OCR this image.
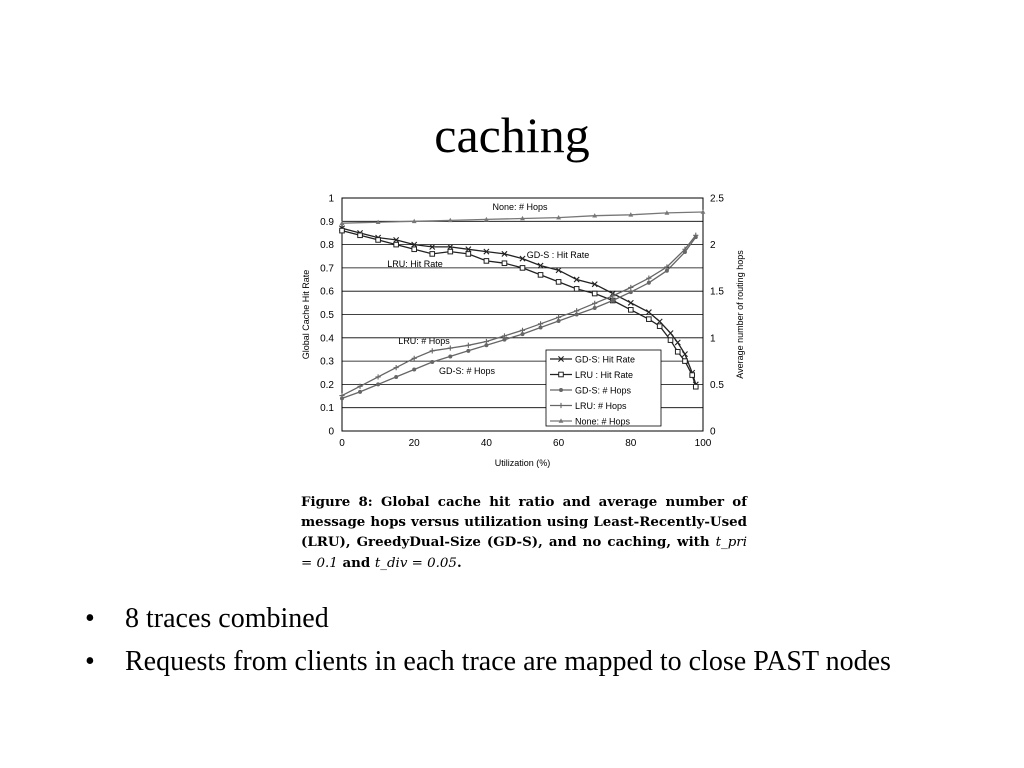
caching
0
0.1
0.2
0.3
0.4
0.5
0.6
0.7
0.8
0.9
1
0
0.5
1
1.5
2
2.5
0	20	40	60	80	100
Utilization (%)
Global Cache Hit Rate	Average number of routing hops
None: # Hops
GD-S : Hit Rate
LRU: Hit Rate
LRU: # Hops
GD-S: # Hops
GD-S: Hit Rate
LRU : Hit Rate
GD-S: # Hops
LRU: # Hops
None: # Hops
Figure 8: Global cache hit ratio and average number of message hops versus utilization using Least-Recently-Used (LRU), GreedyDual-Size (GD-S), and no caching, with t_pri = 0.1 and t_div = 0.05.
• 8 traces combined
• Requests from clients in each trace are mapped to close PAST nodes
